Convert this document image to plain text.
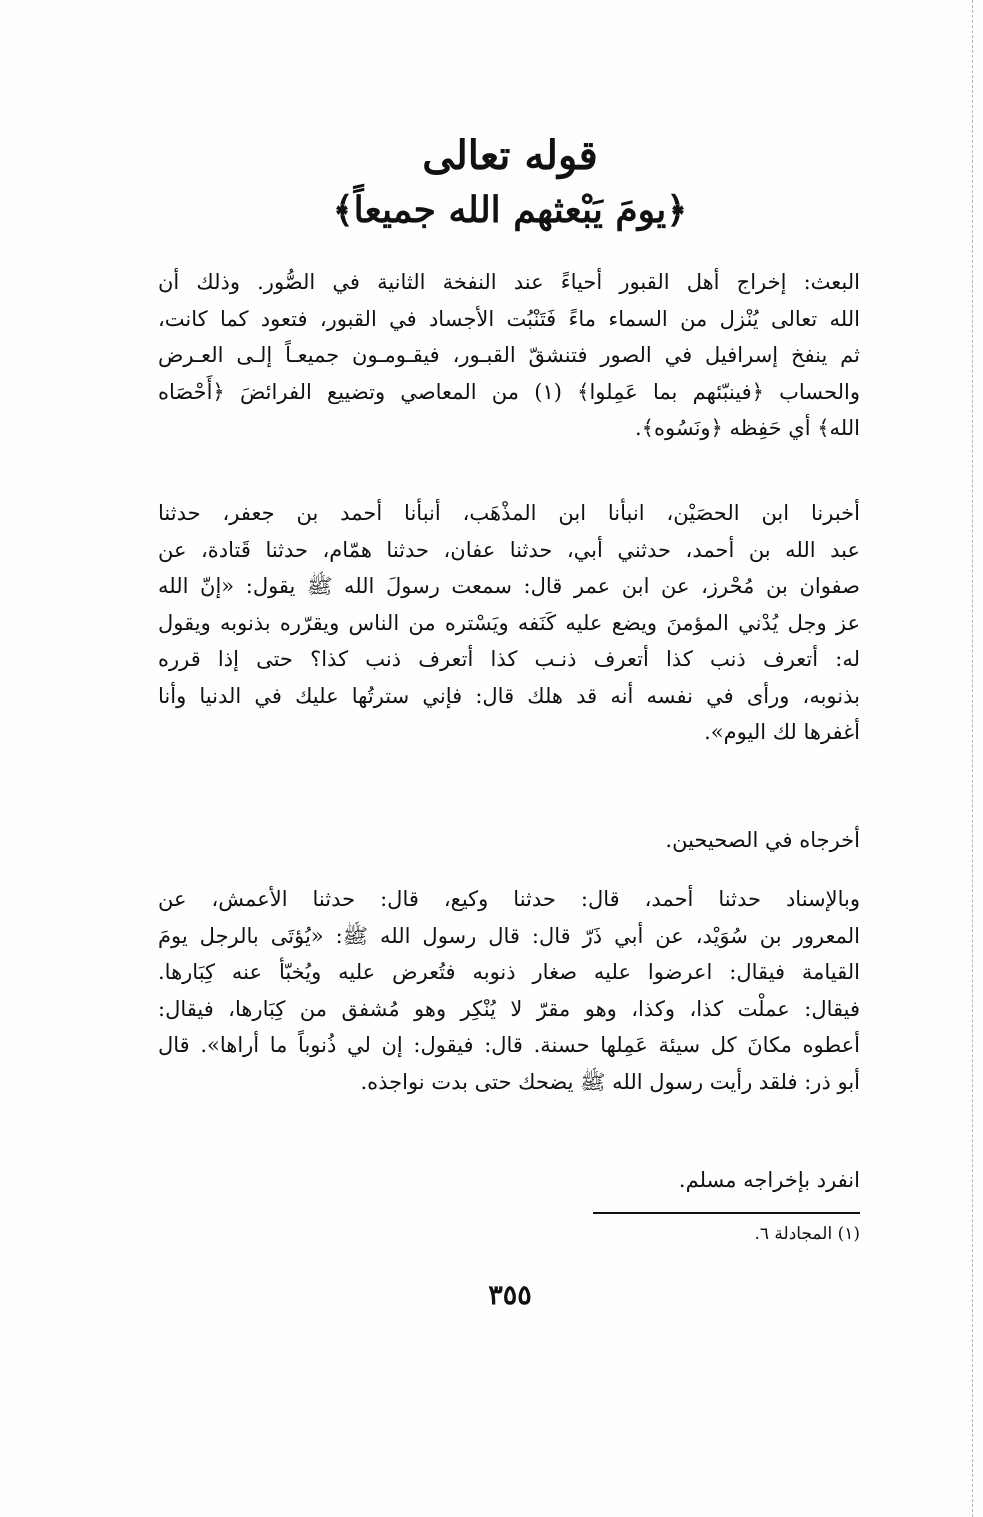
قوله تعالى

﴿يومَ يَبْعثهم الله جميعاً﴾

البعث: إخراج أهل القبور أحياءً عند النفخة الثانية في الصُّور. وذلك أن
الله تعالى يُنْزل من السماء ماءً فَتَنْبُت الأجساد في القبور، فتعود كما كانت،
ثم ينفخ إسرافيل في الصور فتنشقّ القبـور، فيقـومـون جميعـاً إلـى العـرض
والحساب ﴿فينبّئهم بما عَمِلوا﴾ (١) من المعاصي وتضييع الفرائضَ ﴿أَحْصَاه
الله﴾ أي حَفِظه ﴿ونَسُوه﴾.

أخبرنا ابن الحصَيْن، انبأنا ابن المذْهَب، أنبأنا أحمد بن جعفر، حدثنا
عبد الله بن أحمد، حدثني أبي، حدثنا عفان، حدثنا همّام، حدثنا قَتادة، عن
صفوان بن مُحْرز، عن ابن عمر قال: سمعت رسولَ الله ﷺ يقول: «إنّ الله
عز وجل يُدْني المؤمنَ ويضع عليه كَنَفه ويَسْتره من الناس ويقرّره بذنوبه ويقول
له: أتعرف ذنب كذا أتعرف ذنـب كذا أتعرف ذنب كذا؟ حتى إذا قرره
بذنوبه، ورأى في نفسه أنه قد هلك قال: فإني سترتُها عليك في الدنيا وأنا
أغفرها لك اليوم».

أخرجاه في الصحيحين.

وبالإسناد حدثنا أحمد، قال: حدثنا وكيع، قال: حدثنا الأعمش، عن
المعرور بن سُوَيْد، عن أبي ذَرّ قال: قال رسول الله ﷺ: «يُؤتَى بالرجل يومَ
القيامة فيقال: اعرضوا عليه صغار ذنوبه فتُعرض عليه ويُخبّأ عنه كِبَارها.
فيقال: عملْت كذا، وكذا، وهو مقرّ لا يُنْكِر وهو مُشفق من كِبَارها، فيقال:
أعطوه مكانَ كل سيئة عَمِلها حسنة. قال: فيقول: إن لي ذُنوباً ما أراها». قال
أبو ذر: فلقد رأيت رسول الله ﷺ يضحك حتى بدت نواجذه.

انفرد بإخراجه مسلم.

(١) المجادلة ٦.
٣٥٥
